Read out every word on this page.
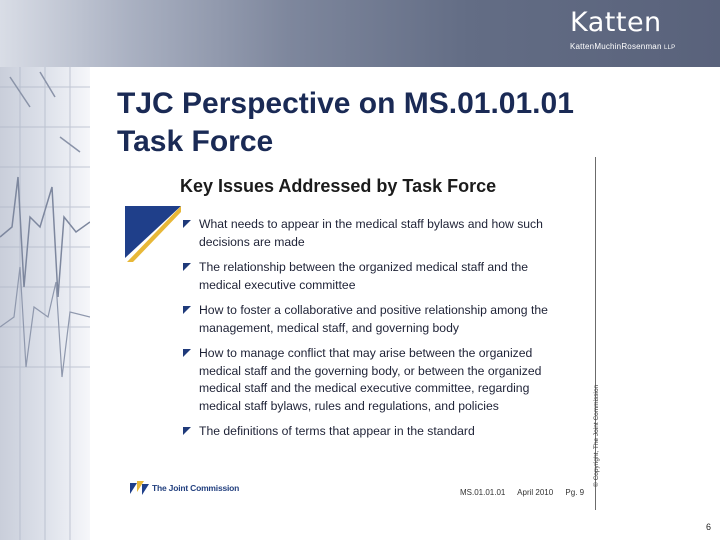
Katten
KattenMuchinRosenman LLP
TJC Perspective on MS.01.01.01
Task Force
Key Issues Addressed by Task Force
What needs to appear in the medical staff bylaws and how such decisions are made
The relationship between the organized medical staff and the medical executive committee
How to foster a collaborative and positive relationship among the management, medical staff, and governing body
How to manage conflict that may arise between the organized medical staff and the governing body, or between the organized medical staff and the medical executive committee, regarding medical staff bylaws, rules and regulations, and policies
The definitions of terms that appear in the standard
The Joint Commission	MS.01.01.01 April 2010 Pg. 9
© Copyright, The Joint Commission
6
